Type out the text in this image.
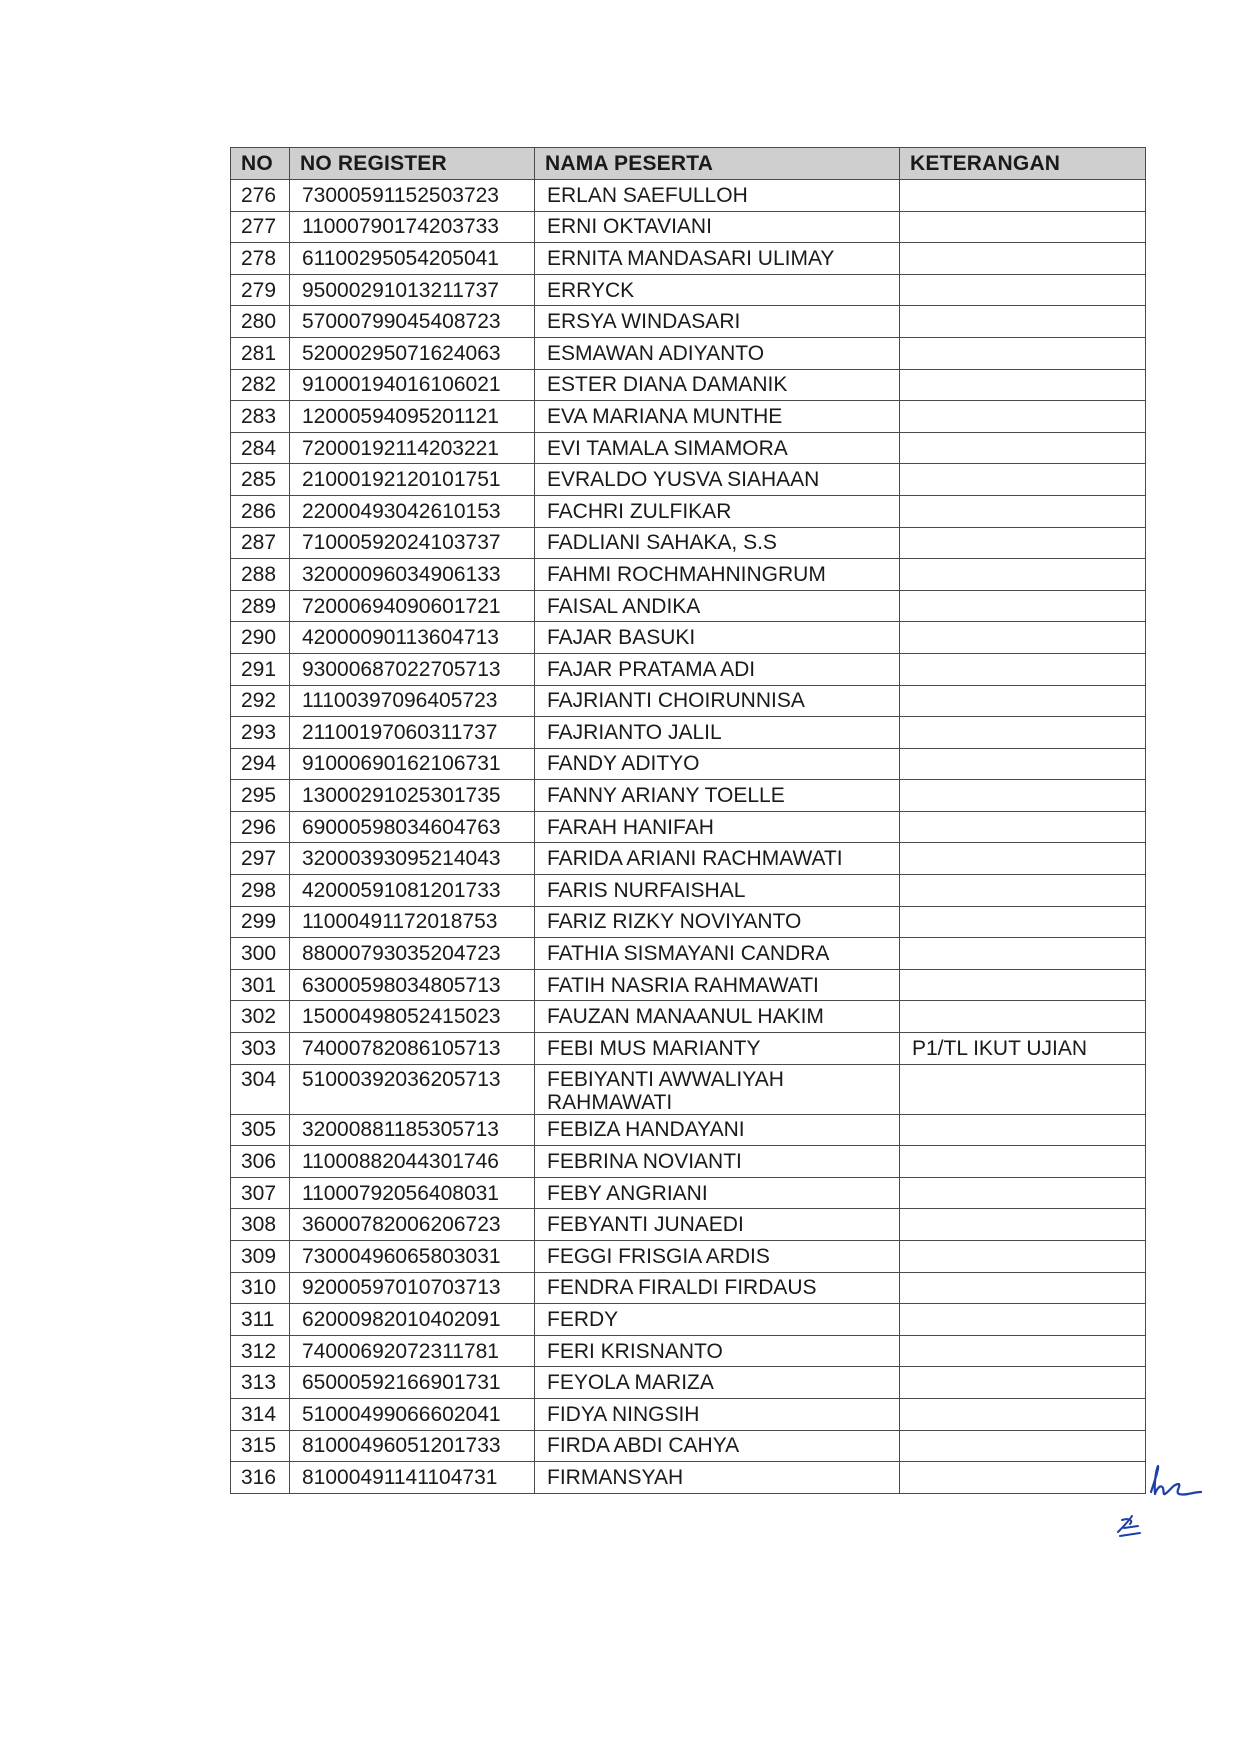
NO	NO REGISTER	NAMA PESERTA	KETERANGAN
276	73000591152503723	ERLAN SAEFULLOH	
277	11000790174203733	ERNI OKTAVIANI	
278	61100295054205041	ERNITA MANDASARI ULIMAY	
279	95000291013211737	ERRYCK	
280	57000799045408723	ERSYA WINDASARI	
281	52000295071624063	ESMAWAN ADIYANTO	
282	91000194016106021	ESTER DIANA DAMANIK	
283	12000594095201121	EVA MARIANA MUNTHE	
284	72000192114203221	EVI TAMALA SIMAMORA	
285	21000192120101751	EVRALDO YUSVA SIAHAAN	
286	22000493042610153	FACHRI ZULFIKAR	
287	71000592024103737	FADLIANI SAHAKA, S.S	
288	32000096034906133	FAHMI ROCHMAHNINGRUM	
289	72000694090601721	FAISAL ANDIKA	
290	42000090113604713	FAJAR BASUKI	
291	93000687022705713	FAJAR PRATAMA ADI	
292	11100397096405723	FAJRIANTI CHOIRUNNISA	
293	21100197060311737	FAJRIANTO JALIL	
294	91000690162106731	FANDY ADITYO	
295	13000291025301735	FANNY ARIANY TOELLE	
296	69000598034604763	FARAH HANIFAH	
297	32000393095214043	FARIDA ARIANI RACHMAWATI	
298	42000591081201733	FARIS NURFAISHAL	
299	11000491172018753	FARIZ RIZKY NOVIYANTO	
300	88000793035204723	FATHIA SISMAYANI CANDRA	
301	63000598034805713	FATIH NASRIA RAHMAWATI	
302	15000498052415023	FAUZAN MANAANUL HAKIM	
303	74000782086105713	FEBI MUS MARIANTY	P1/TL IKUT UJIAN
304	51000392036205713	FEBIYANTI AWWALIYAH RAHMAWATI	
305	32000881185305713	FEBIZA HANDAYANI	
306	11000882044301746	FEBRINA NOVIANTI	
307	11000792056408031	FEBY ANGRIANI	
308	36000782006206723	FEBYANTI JUNAEDI	
309	73000496065803031	FEGGI FRISGIA ARDIS	
310	92000597010703713	FENDRA FIRALDI FIRDAUS	
311	62000982010402091	FERDY	
312	74000692072311781	FERI KRISNANTO	
313	65000592166901731	FEYOLA MARIZA	
314	51000499066602041	FIDYA NINGSIH	
315	81000496051201733	FIRDA ABDI CAHYA	
316	81000491141104731	FIRMANSYAH	
